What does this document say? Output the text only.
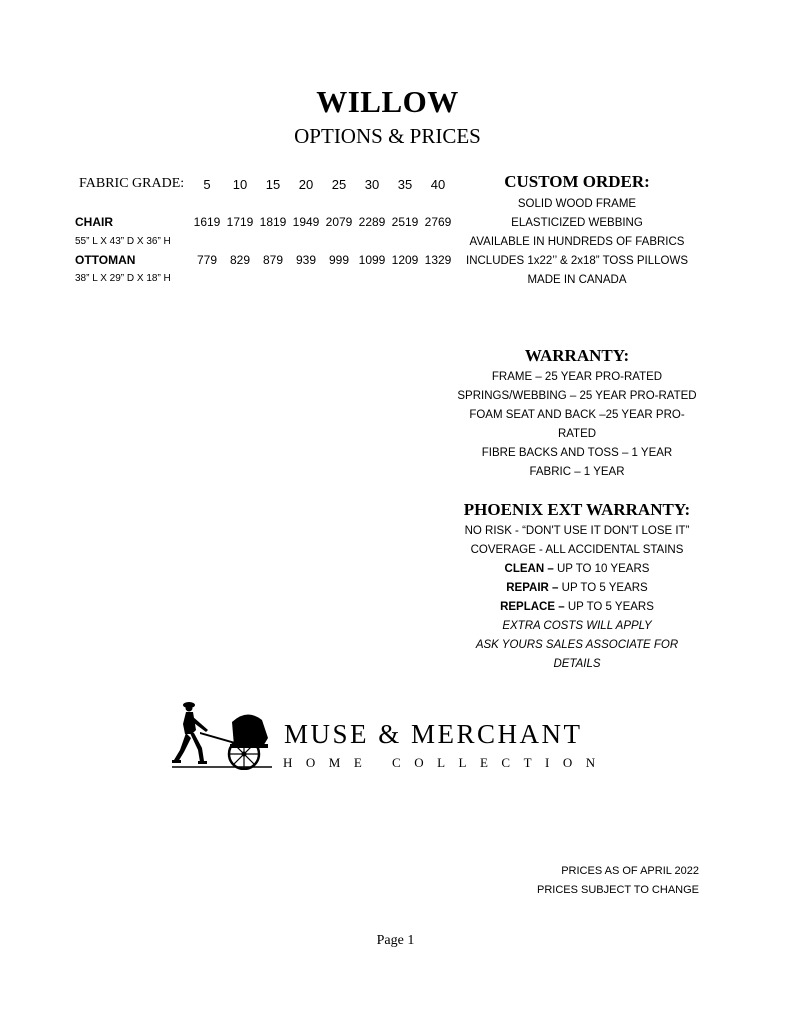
WILLOW
OPTIONS & PRICES
FABRIC GRADE:	5	10	15	20	25	30	35	40
CHAIR
55” L X 43” D X 36” H
1619 1719 1819 1949 2079 2289 2519 2769
OTTOMAN
38” L X 29” D X 18” H
779	829	879	939	999 1099 1209 1329
CUSTOM ORDER:
SOLID WOOD FRAME
ELASTICIZED WEBBING
AVAILABLE IN HUNDREDS OF FABRICS
INCLUDES 1x22’’ & 2x18” TOSS PILLOWS
MADE IN CANADA
WARRANTY:
FRAME – 25 YEAR PRO-RATED
SPRINGS/WEBBING – 25 YEAR PRO-RATED
FOAM SEAT AND BACK –25 YEAR PRO-RATED
FIBRE BACKS AND TOSS – 1 YEAR
FABRIC – 1 YEAR
PHOENIX EXT WARRANTY:
NO RISK - “DON'T USE IT DON'T LOSE IT”
COVERAGE - ALL ACCIDENTAL STAINS
CLEAN – UP TO 10 YEARS
REPAIR – UP TO 5 YEARS
REPLACE – UP TO 5 YEARS
EXTRA COSTS WILL APPLY
ASK YOURS SALES ASSOCIATE FOR DETAILS
MUSE & MERCHANT
HOME COLLECTION
PRICES AS OF APRIL 2022
PRICES SUBJECT TO CHANGE
Page 1
